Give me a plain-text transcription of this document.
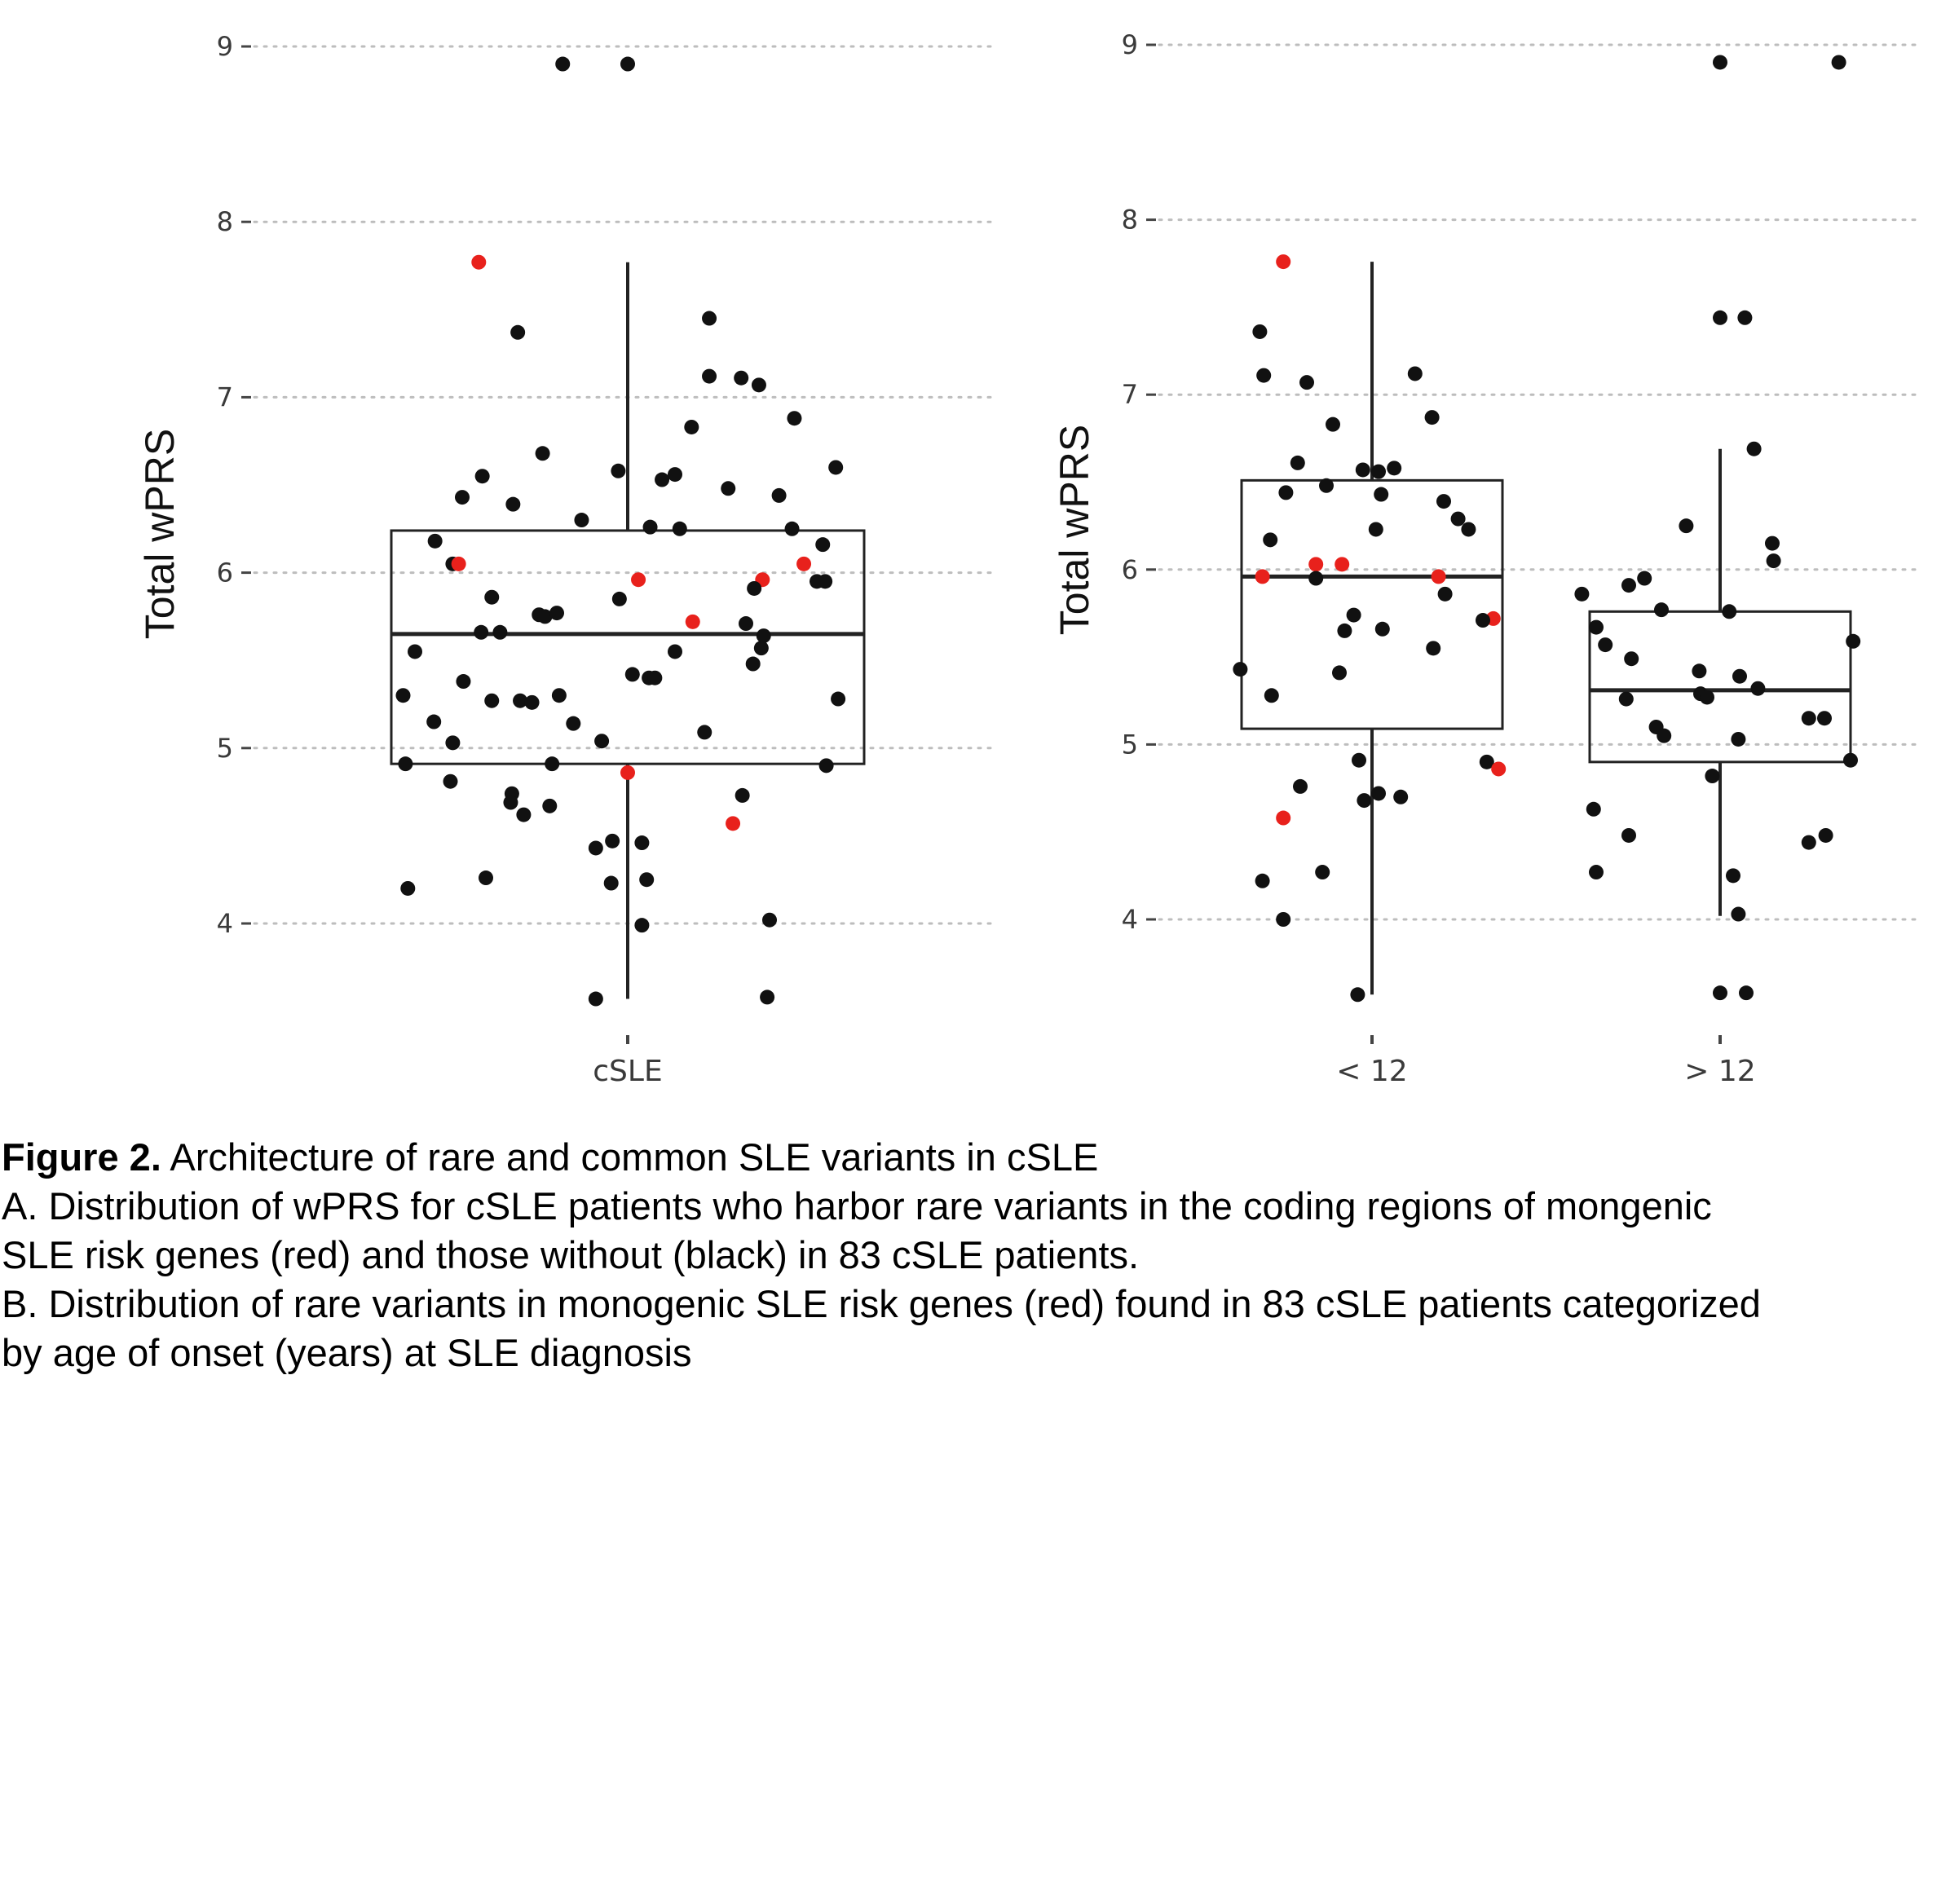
4
5
6
7
8
9
Total wPRS
cSLE
4
5
6
7
8
9
Total wPRS
< 12	> 12

Figure 2. Architecture of rare and common SLE variants in cSLE

A. Distribution of wPRS for cSLE patients who harbor rare variants in the coding regions of mongenic

SLE risk genes (red) and those without (black) in 83 cSLE patients.

B. Distribution of rare variants in monogenic SLE risk genes (red) found in 83 cSLE patients categorized

by age of onset (years) at SLE diagnosis
